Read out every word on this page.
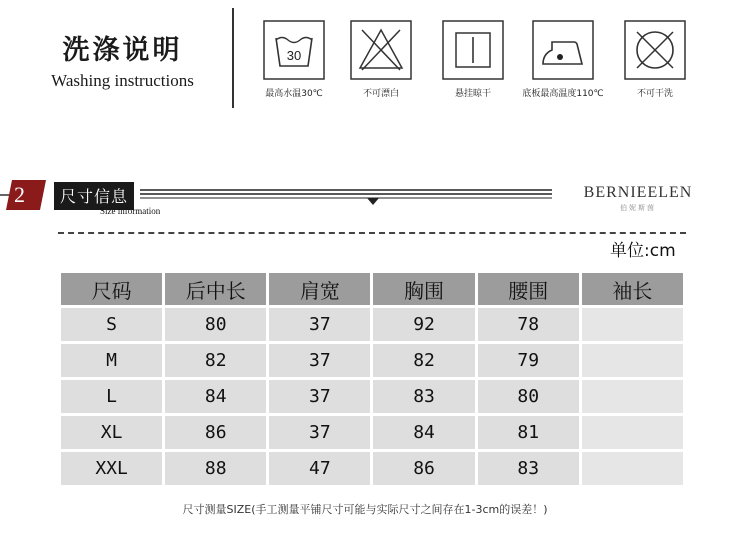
洗涤说明
Washing instructions
30
最高水温30℃	不可漂白	悬挂晾干	底板最高温度110℃	不可干洗
2	尺寸信息
Size information
BERNIEELEN
伯妮斯茵
单位:cm
尺码	后中长	肩宽	胸围	腰围	袖长
S	80	37	92	78	
M	82	37	82	79	
L	84	37	83	80	
XL	86	37	84	81	
XXL	88	47	86	83	
尺寸测量SIZE(手工测量平铺尺寸可能与实际尺寸之间存在1-3cm的误差！)
